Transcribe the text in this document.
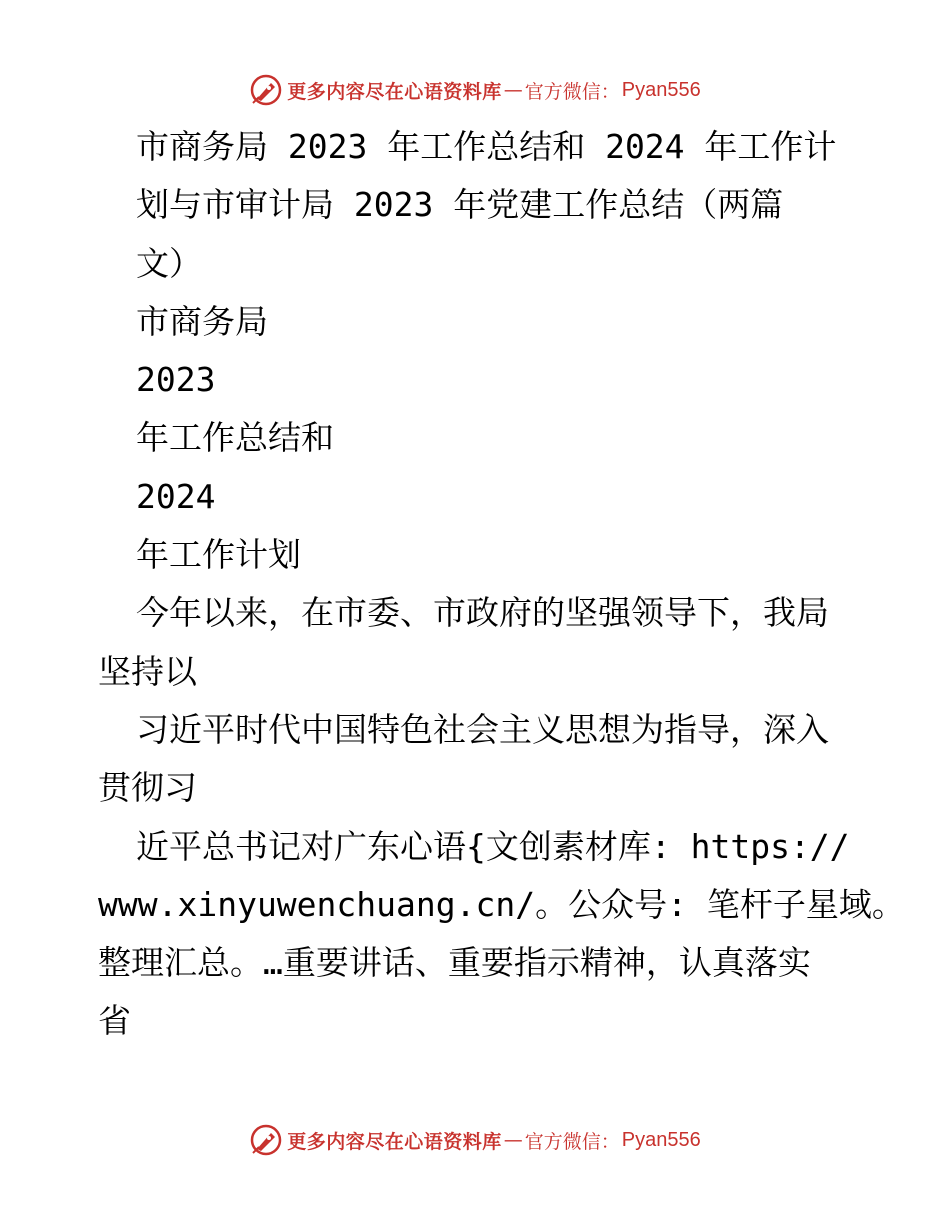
更多内容尽在心语资料库 — 官方微信： Pyan556
市商务局 2023 年工作总结和 2024 年工作计
划与市审计局 2023 年党建工作总结（两篇
文）
市商务局
2023
年工作总结和
2024
年工作计划
今年以来，在市委、市政府的坚强领导下，我局
坚持以
习近平时代中国特色社会主义思想为指导，深入
贯彻习
近平总书记对广东心语{文创素材库: https://
www.xinyuwenchuang.cn/。公众号: 笔杆子星域。
整理汇总。…重要讲话、重要指示精神，认真落实
省
更多内容尽在心语资料库 — 官方微信： Pyan556
